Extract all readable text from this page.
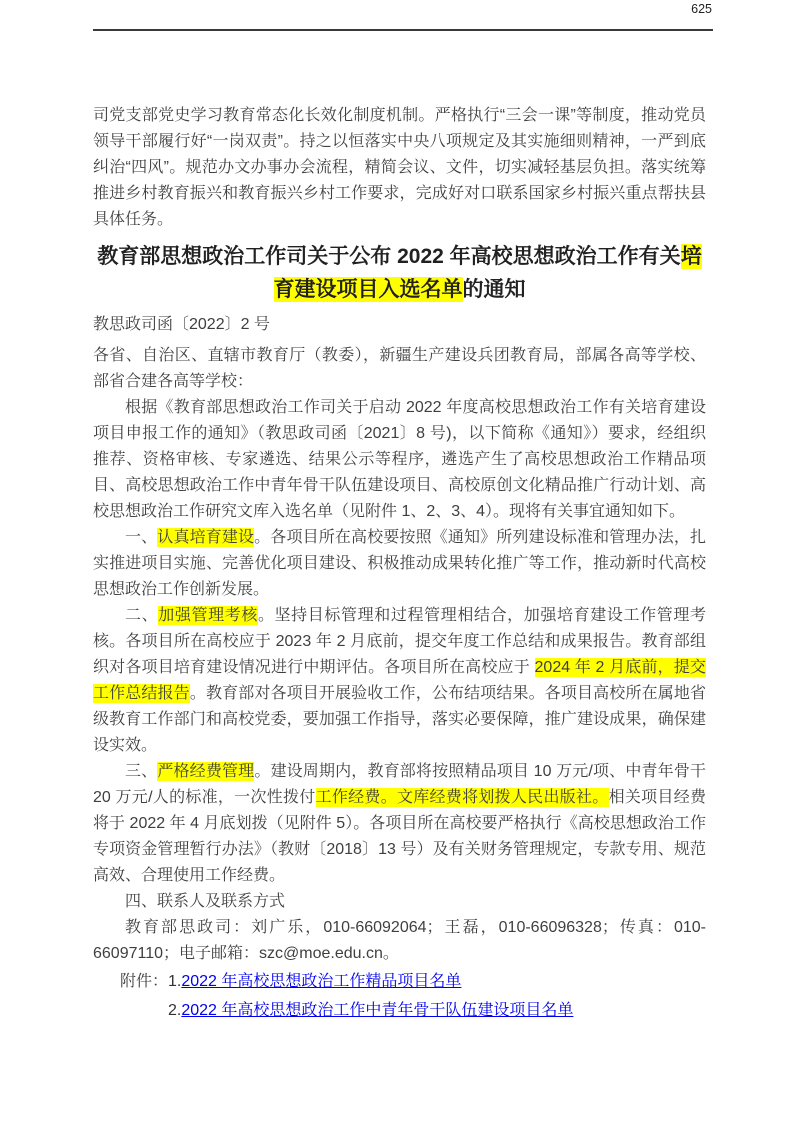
625

司党支部党史学习教育常态化长效化制度机制。严格执行“三会一课”等制度，推动党员领导干部履行好“一岗双责”。持之以恒落实中央八项规定及其实施细则精神，一严到底纠治“四风”。规范办文办事办会流程，精简会议、文件，切实减轻基层负担。落实统筹推进乡村教育振兴和教育振兴乡村工作要求，完成好对口联系国家乡村振兴重点帮扶县具体任务。

教育部思想政治工作司关于公布 2022 年高校思想政治工作有关培育建设项目入选名单的通知

教思政司函〔2022〕2 号

各省、自治区、直辖市教育厅（教委），新疆生产建设兵团教育局，部属各高等学校、部省合建各高等学校：

根据《教育部思想政治工作司关于启动 2022 年度高校思想政治工作有关培育建设项目申报工作的通知》（教思政司函〔2021〕8 号)，以下简称《通知》）要求，经组织推荐、资格审核、专家遴选、结果公示等程序，遴选产生了高校思想政治工作精品项目、高校思想政治工作中青年骨干队伍建设项目、高校原创文化精品推广行动计划、高校思想政治工作研究文库入选名单（见附件 1、2、3、4）。现将有关事宜通知如下。

一、认真培育建设。各项目所在高校要按照《通知》所列建设标准和管理办法，扎实推进项目实施、完善优化项目建设、积极推动成果转化推广等工作，推动新时代高校思想政治工作创新发展。

二、加强管理考核。坚持目标管理和过程管理相结合，加强培育建设工作管理考核。各项目所在高校应于 2023 年 2 月底前，提交年度工作总结和成果报告。教育部组织对各项目培育建设情况进行中期评估。各项目所在高校应于 2024 年 2 月底前，提交工作总结报告。教育部对各项目开展验收工作，公布结项结果。各项目高校所在属地省级教育工作部门和高校党委，要加强工作指导，落实必要保障，推广建设成果，确保建设实效。

三、严格经费管理。建设周期内，教育部将按照精品项目 10 万元/项、中青年骨干 20 万元/人的标准，一次性拨付工作经费。文库经费将划拨人民出版社。相关项目经费将于 2022 年 4 月底划拨（见附件 5）。各项目所在高校要严格执行《高校思想政治工作专项资金管理暂行办法》（教财〔2018〕13 号）及有关财务管理规定，专款专用、规范高效、合理使用工作经费。

四、联系人及联系方式

教育部思政司：刘广乐，010-66092064；王磊，010-66096328；传真：010-66097110；电子邮箱：szc@moe.edu.cn。

附件： 1.2022 年高校思想政治工作精品项目名单
2.2022 年高校思想政治工作中青年骨干队伍建设项目名单
